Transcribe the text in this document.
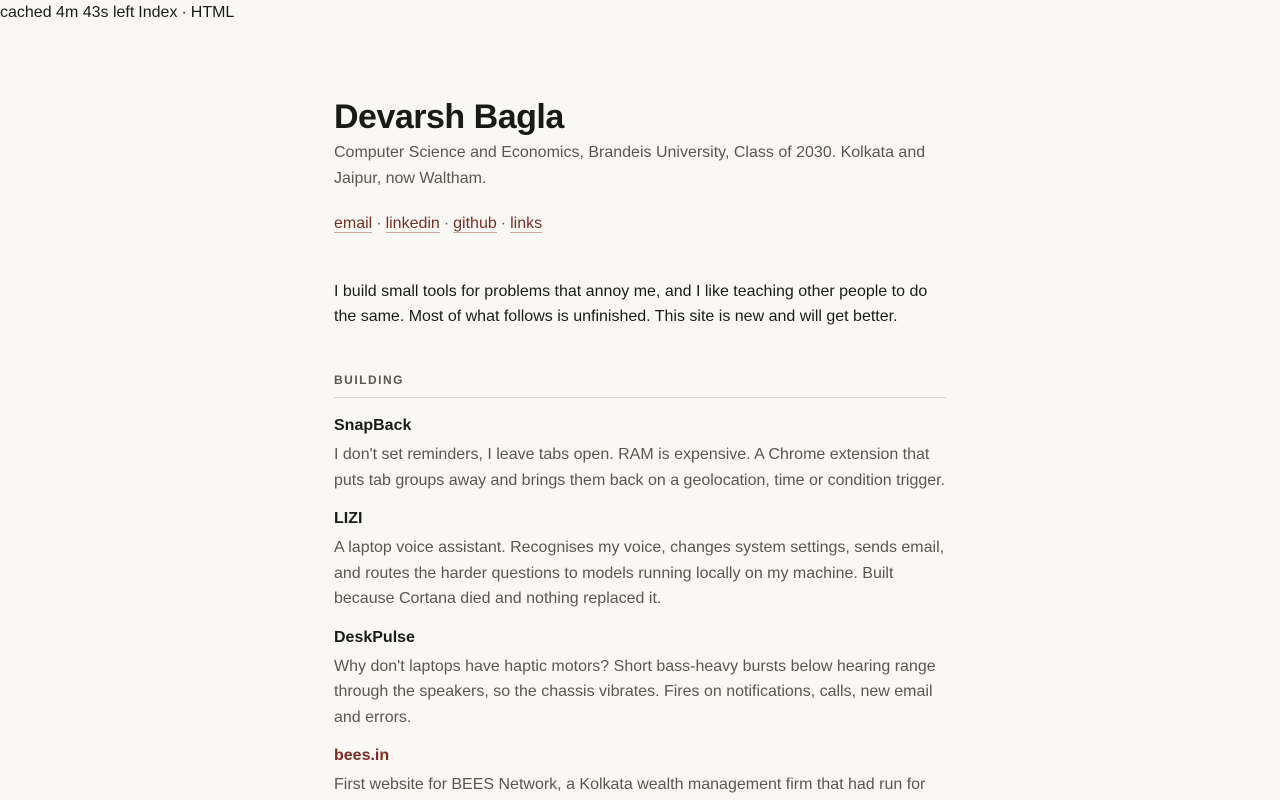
cached 4m 43s left Index · HTML
Devarsh Bagla
Computer Science and Economics, Brandeis University, Class of 2030. Kolkata and Jaipur, now Waltham.
email · linkedin · github · links
I build small tools for problems that annoy me, and I like teaching other people to do the same. Most of what follows is unfinished. This site is new and will get better.
BUILDING
SnapBack
I don't set reminders, I leave tabs open. RAM is expensive. A Chrome extension that puts tab groups away and brings them back on a geolocation, time or condition trigger.
LIZI
A laptop voice assistant. Recognises my voice, changes system settings, sends email, and routes the harder questions to models running locally on my machine. Built because Cortana died and nothing replaced it.
DeskPulse
Why don't laptops have haptic motors? Short bass-heavy bursts below hearing range through the speakers, so the chassis vibrates. Fires on notifications, calls, new email and errors.
bees.in
First website for BEES Network, a Kolkata wealth management firm that had run for
